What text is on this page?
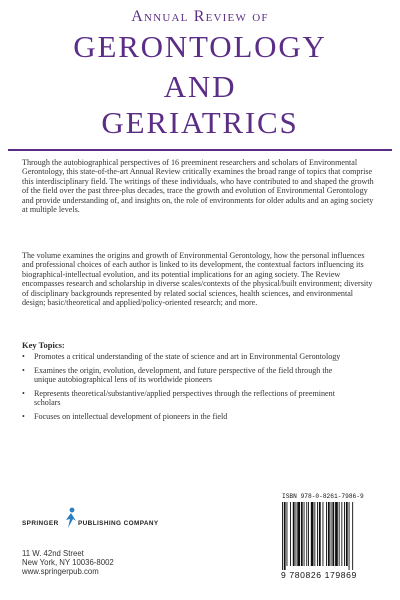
Annual Review of
GERONTOLOGY
AND
GERIATRICS
Through the autobiographical perspectives of 16 preeminent researchers and scholars of Environmental Gerontology, this state-of-the-art Annual Review critically examines the broad range of topics that comprise this interdisciplinary field. The writings of these individuals, who have contributed to and shaped the growth of the field over the past three-plus decades, trace the growth and evolution of Environmental Gerontology and provide understanding of, and insights on, the role of environments for older adults and an aging society at multiple levels.
The volume examines the origins and growth of Environmental Gerontology, how the personal influences and professional choices of each author is linked to its development, the contextual factors influencing its biographical-intellectual evolution, and its potential implications for an aging society. The Review encompasses research and scholarship in diverse scales/contexts of the physical/built environment; diversity of disciplinary backgrounds represented by related social sciences, health sciences, and environmental design; basic/theoretical and applied/policy-oriented research; and more.
Key Topics:
• Promotes a critical understanding of the state of science and art in Environmental Gerontology
• Examines the origin, evolution, development, and future perspective of the field through the unique autobiographical lens of its worldwide pioneers
• Represents theoretical/substantive/applied perspectives through the reflections of preeminent scholars
• Focuses on intellectual development of pioneers in the field
SPRINGER	PUBLISHING COMPANY
11 W. 42nd Street
New York, NY 10036-8002
www.springerpub.com
ISBN 978-0-8261-7986-9
9 780826 179869
